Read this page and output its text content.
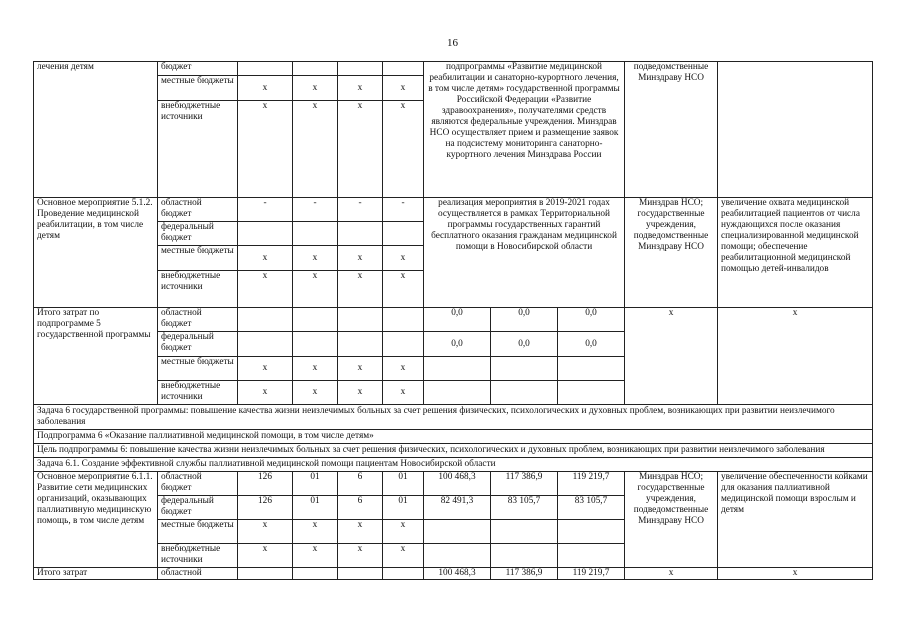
16
лечения детям	бюджет					подпрограммы «Развитие медицинской реабилитации и санаторно-курортного лечения, в том числе детям» государственной программы Российской Федерации «Развитие здравоохранения», получателями средств являются федеральные учреждения. Минздрав НСО осуществляет прием и размещение заявок на подсистему мониторинга санаторно-курортного лечения Минздрава России			подведомственные Минздраву НСО	
	местные бюджеты	х	х	х	х					
	внебюджетные источники	х	х	х	х					
Основное мероприятие 5.1.2. Проведение медицинской реабилитации, в том числе детям	областной бюджет	-	-	-	-	реализация мероприятия в 2019-2021 годах осуществляется в рамках Территориальной программы государственных гарантий бесплатного оказания гражданам медицинской помощи в Новосибирской области			Минздрав НСО; государственные учреждения, подведомственные Минздраву НСО	увеличение охвата медицинской реабилитацией пациентов от числа нуждающихся после оказания специализированной медицинской помощи; обеспечение реабилитационной медицинской помощью детей-инвалидов
	федеральный бюджет									
	местные бюджеты	х	х	х	х					
	внебюджетные источники	х	х	х	х					
Итого затрат по подпрограмме 5 государственной программы	областной бюджет					0,0	0,0	0,0	х	х
	федеральный бюджет					0,0	0,0	0,0		
	местные бюджеты	х	х	х	х					
	внебюджетные источники	х	х	х	х					
Задача 6 государственной программы: повышение качества жизни неизлечимых больных за счет решения физических, психологических и духовных проблем, возникающих при развитии неизлечимого заболевания										
Подпрограмма 6 «Оказание паллиативной медицинской помощи, в том числе детям»										
Цель подпрограммы 6: повышение качества жизни неизлечимых больных за счет решения физических, психологических и духовных проблем, возникающих при развитии неизлечимого заболевания										
Задача 6.1. Создание эффективной службы паллиативной медицинской помощи пациентам Новосибирской области										
Основное мероприятие 6.1.1. Развитие сети медицинских организаций, оказывающих паллиативную медицинскую помощь, в том числе детям	областной бюджет	126	01	6	01	100 468,3	117 386,9	119 219,7	Минздрав НСО; государственные учреждения, подведомственные Минздраву НСО	увеличение обеспеченности койками для оказания паллиативной медицинской помощи взрослым и детям
	федеральный бюджет	126	01	6	01	82 491,3	83 105,7	83 105,7		
	местные бюджеты	х	х	х	х					
	внебюджетные источники	х	х	х	х					
Итого затрат	областной					100 468,3	117 386,9	119 219,7	х	х
